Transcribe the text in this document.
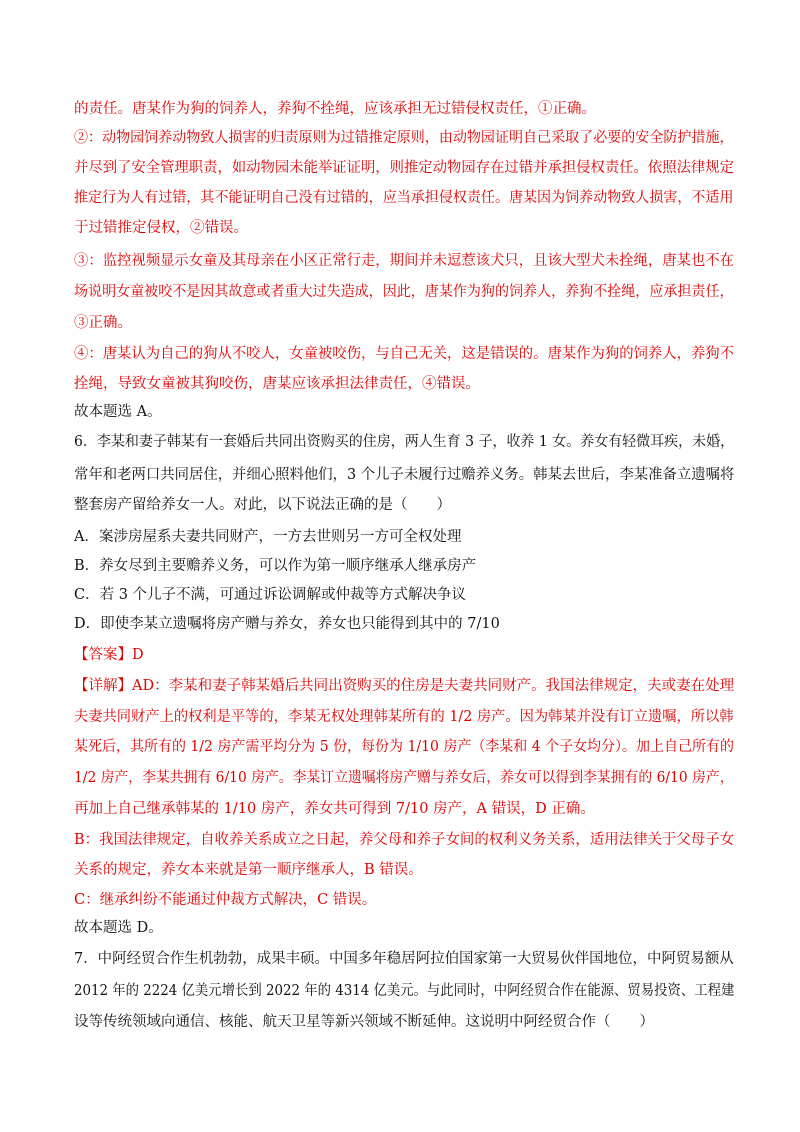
的责任。唐某作为狗的饲养人，养狗不拴绳，应该承担无过错侵权责任，①正确。
②：动物园饲养动物致人损害的归责原则为过错推定原则，由动物园证明自己采取了必要的安全防护措施，
并尽到了安全管理职责，如动物园未能举证证明，则推定动物园存在过错并承担侵权责任。依照法律规定
推定行为人有过错，其不能证明自己没有过错的，应当承担侵权责任。唐某因为饲养动物致人损害，不适用
于过错推定侵权，②错误。
③：监控视频显示女童及其母亲在小区正常行走，期间并未逗惹该犬只，且该大型犬未拴绳，唐某也不在
场说明女童被咬不是因其故意或者重大过失造成，因此，唐某作为狗的饲养人，养狗不拴绳，应承担责任，
③正确。
④：唐某认为自己的狗从不咬人，女童被咬伤，与自己无关，这是错误的。唐某作为狗的饲养人，养狗不
拴绳，导致女童被其狗咬伤，唐某应该承担法律责任，④错误。
故本题选 A。
6．李某和妻子韩某有一套婚后共同出资购买的住房，两人生育 3 子，收养 1 女。养女有轻微耳疾，未婚，
常年和老两口共同居住，并细心照料他们，3 个儿子未履行过赡养义务。韩某去世后，李某准备立遗嘱将
整套房产留给养女一人。对此，以下说法正确的是（　　）
A．案涉房屋系夫妻共同财产，一方去世则另一方可全权处理
B．养女尽到主要赡养义务，可以作为第一顺序继承人继承房产
C．若 3 个儿子不满，可通过诉讼调解或仲裁等方式解决争议
D．即使李某立遗嘱将房产赠与养女，养女也只能得到其中的 7/10
【答案】D
【详解】AD：李某和妻子韩某婚后共同出资购买的住房是夫妻共同财产。我国法律规定，夫或妻在处理
夫妻共同财产上的权利是平等的，李某无权处理韩某所有的 1/2 房产。因为韩某并没有订立遗嘱，所以韩
某死后，其所有的 1/2 房产需平均分为 5 份，每份为 1/10 房产（李某和 4 个子女均分）。加上自己所有的
1/2 房产，李某共拥有 6/10 房产。李某订立遗嘱将房产赠与养女后，养女可以得到李某拥有的 6/10 房产，
再加上自己继承韩某的 1/10 房产，养女共可得到 7/10 房产，A 错误，D 正确。
B：我国法律规定，自收养关系成立之日起，养父母和养子女间的权利义务关系，适用法律关于父母子女
关系的规定，养女本来就是第一顺序继承人，B 错误。
C：继承纠纷不能通过仲裁方式解决，C 错误。
故本题选 D。
7．中阿经贸合作生机勃勃，成果丰硕。中国多年稳居阿拉伯国家第一大贸易伙伴国地位，中阿贸易额从
2012 年的 2224 亿美元增长到 2022 年的 4314 亿美元。与此同时，中阿经贸合作在能源、贸易投资、工程建
设等传统领域向通信、核能、航天卫星等新兴领域不断延伸。这说明中阿经贸合作（　　）
